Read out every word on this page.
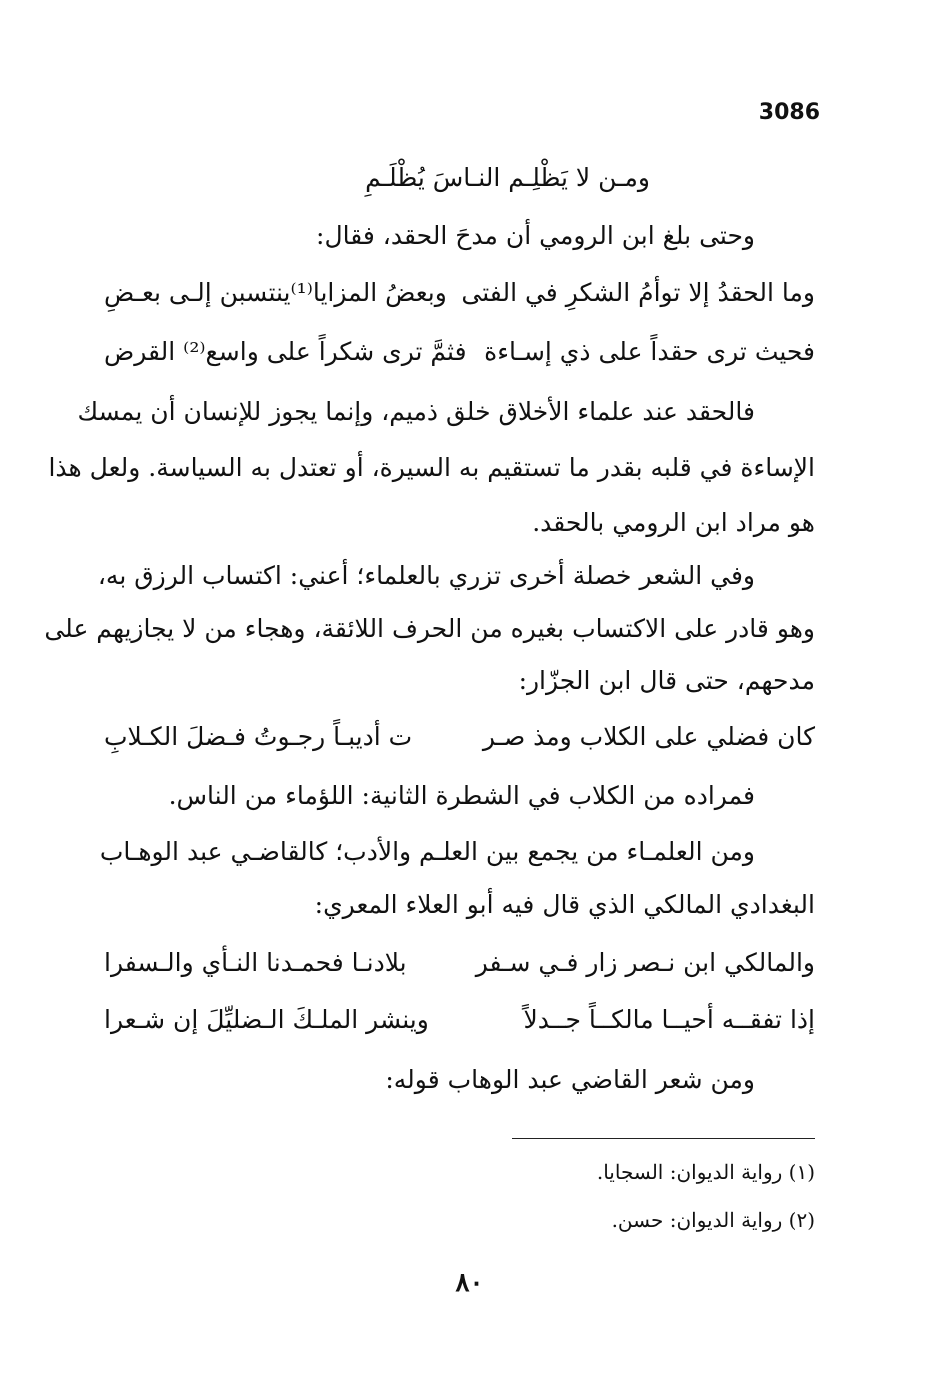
3086
ومـن لا يَظْلِـم النـاسَ يُظْلَـمِ
وحتى بلغ ابن الرومي أن مدحَ الحقد، فقال:
وما الحقدُ إلا توأمُ الشكرِ في الفتى
وبعضُ المزايا⁽¹⁾ينتسبن إلـى بعـضِ
فحيث ترى حقداً على ذي إسـاءة
فثمَّ ترى شكراً على واسع⁽²⁾ القرض
فالحقد عند علماء الأخلاق خلق ذميم، وإنما يجوز للإنسان أن يمسك
الإساءة في قلبه بقدر ما تستقيم به السيرة، أو تعتدل به السياسة. ولعل هذا
هو مراد ابن الرومي بالحقد.
وفي الشعر خصلة أخرى تزري بالعلماء؛ أعني: اكتساب الرزق به،
وهو قادر على الاكتساب بغيره من الحرف اللائقة، وهجاء من لا يجازيهم على
مدحهم، حتى قال ابن الجزّار:
كان فضلي على الكلاب ومذ صـر
ت أديبـاً رجـوتُ فـضلَ الكـلابِ
فمراده من الكلاب في الشطرة الثانية: اللؤماء من الناس.
ومن العلمـاء من يجمع بين العلـم والأدب؛ كالقاضـي عبد الوهـاب
البغدادي المالكي الذي قال فيه أبو العلاء المعري:
والمالكي ابن نـصر زار فـي سـفر
بلادنـا فحمـدنا النـأي والـسفرا
إذا تفقــه أحيــا مالكــاً جــدلاً
وينشر الملـكَ الـضليِّلَ إن شـعرا
ومن شعر القاضي عبد الوهاب قوله:
(١) رواية الديوان: السجايا.
(٢) رواية الديوان: حسن.
٨٠
